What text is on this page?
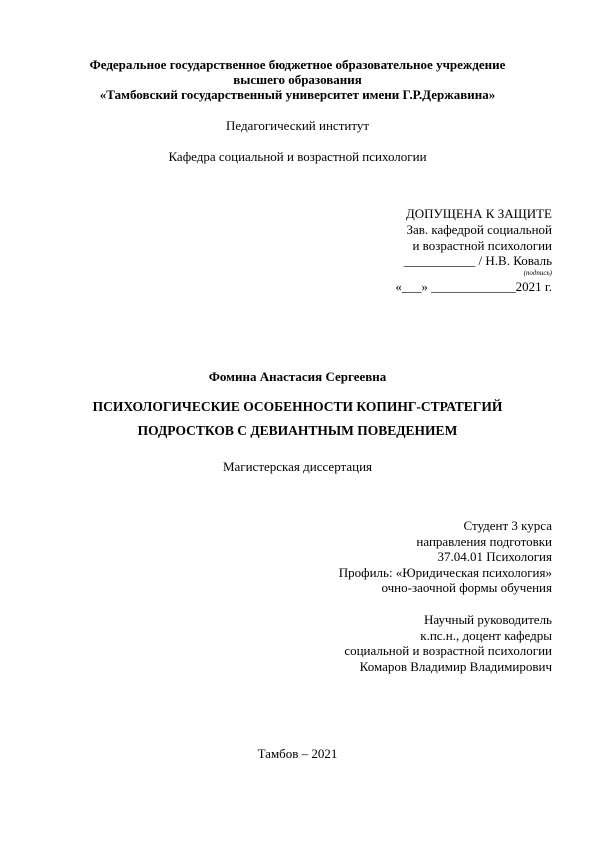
Федеральное государственное бюджетное образовательное учреждение
высшего образования
«Тамбовский государственный университет имени Г.Р.Державина»
Педагогический институт
Кафедра социальной и возрастной психологии
ДОПУЩЕНА К ЗАЩИТЕ
Зав. кафедрой социальной
и возрастной психологии
___________ / Н.В. Коваль
(подпись)
«___» _____________2021 г.
Фомина Анастасия Сергеевна
ПСИХОЛОГИЧЕСКИЕ ОСОБЕННОСТИ КОПИНГ-СТРАТЕГИЙ
ПОДРОСТКОВ С ДЕВИАНТНЫМ ПОВЕДЕНИЕМ
Магистерская диссертация
Студент 3 курса
направления подготовки
37.04.01 Психология
Профиль: «Юридическая психология»
очно-заочной формы обучения
Научный руководитель
к.пс.н., доцент кафедры
социальной и возрастной психологии
Комаров Владимир Владимирович
Тамбов – 2021
